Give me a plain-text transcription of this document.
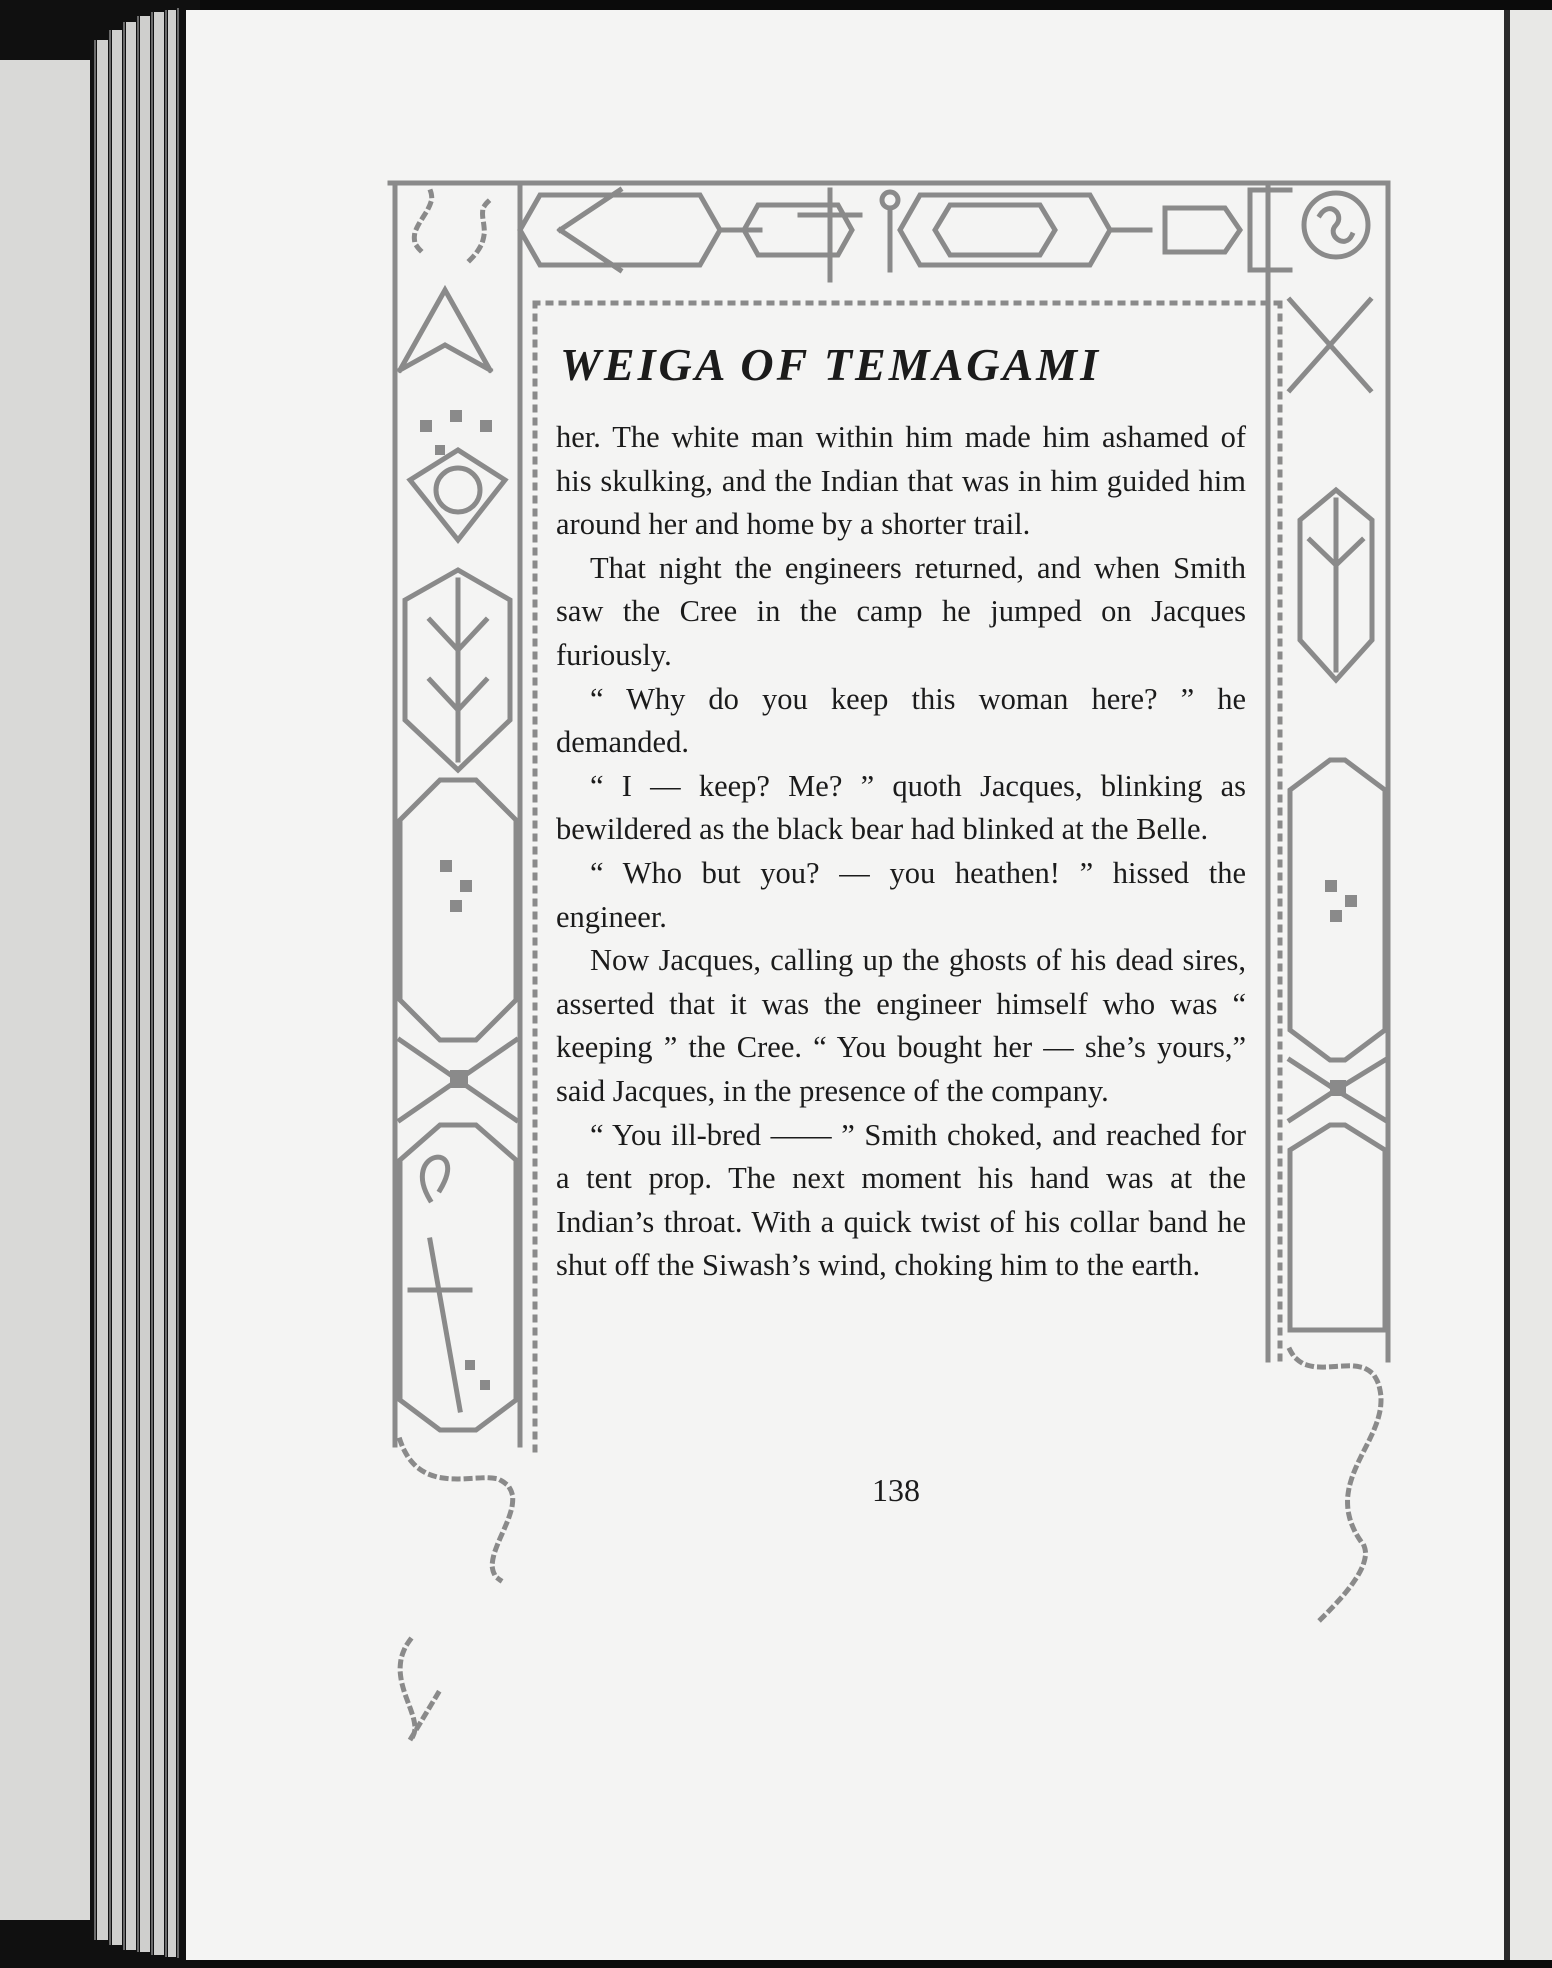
WEIGA OF TEMAGAMI

her. The white man within him made him ashamed of his skulking, and the Indian that was in him guided him around her and home by a shorter trail.

That night the engineers returned, and when Smith saw the Cree in the camp he jumped on Jacques furiously.

“ Why do you keep this woman here? ” he demanded.

“ I — keep? Me? ” quoth Jacques, blinking as bewildered as the black bear had blinked at the Belle.

“ Who but you? — you heathen! ” hissed the engineer.

Now Jacques, calling up the ghosts of his dead sires, asserted that it was the engineer himself who was “ keeping ” the Cree. “ You bought her — she’s yours,” said Jacques, in the presence of the company.

“ You ill-bred —— ” Smith choked, and reached for a tent prop. The next moment his hand was at the Indian’s throat. With a quick twist of his collar band he shut off the Siwash’s wind, choking him to the earth.

138
